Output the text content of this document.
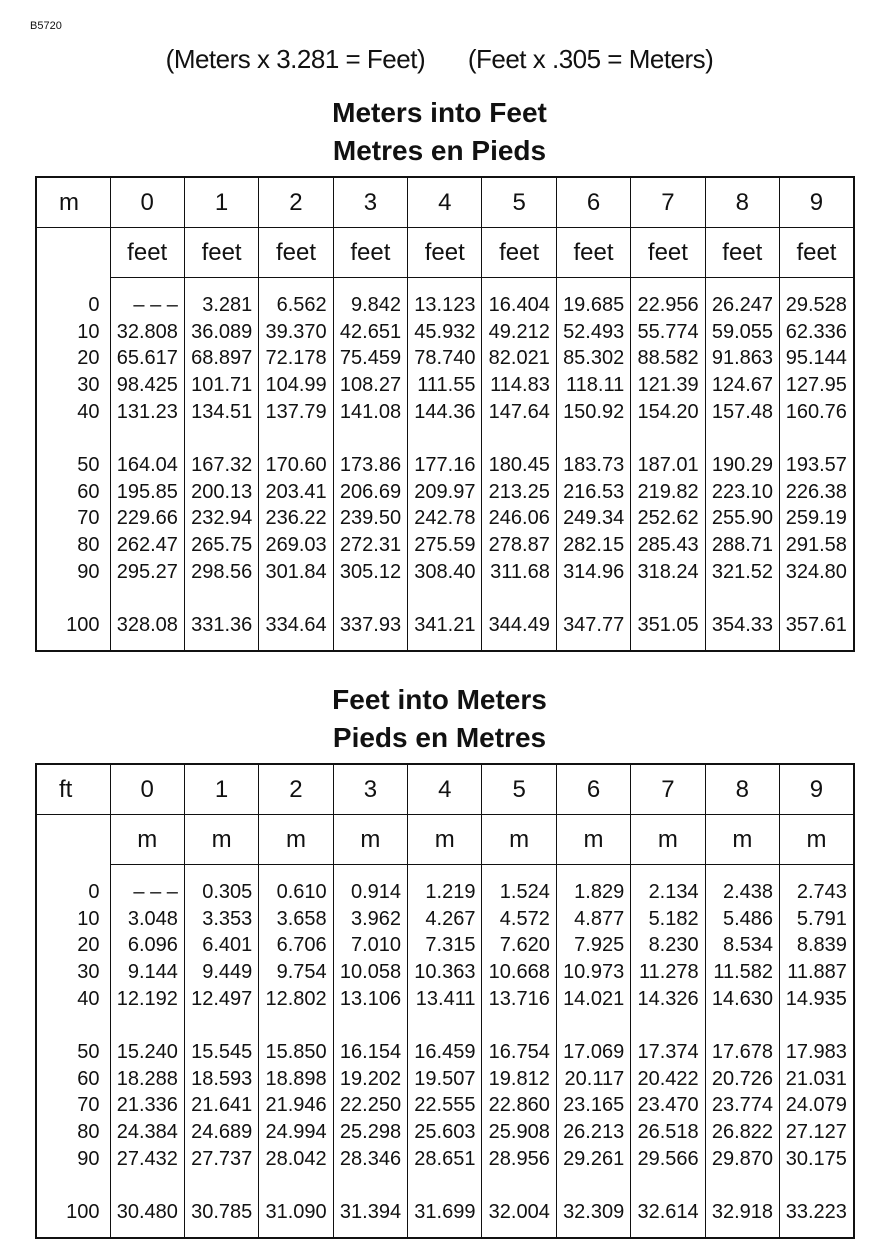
B5720
(Meters x 3.281 = Feet) (Feet x .305 = Meters)
Meters into Feet
Metres en Pieds
m	0	1	2	3	4	5	6	7	8	9
	feet	feet	feet	feet	feet	feet	feet	feet	feet	feet

0	– – –	3.281	6.562	9.842	13.123	16.404	19.685	22.956	26.247	29.528
10	32.808	36.089	39.370	42.651	45.932	49.212	52.493	55.774	59.055	62.336
20	65.617	68.897	72.178	75.459	78.740	82.021	85.302	88.582	91.863	95.144
30	98.425	101.71	104.99	108.27	111.55	114.83	118.11	121.39	124.67	127.95
40	131.23	134.51	137.79	141.08	144.36	147.64	150.92	154.20	157.48	160.76

50	164.04	167.32	170.60	173.86	177.16	180.45	183.73	187.01	190.29	193.57
60	195.85	200.13	203.41	206.69	209.97	213.25	216.53	219.82	223.10	226.38
70	229.66	232.94	236.22	239.50	242.78	246.06	249.34	252.62	255.90	259.19
80	262.47	265.75	269.03	272.31	275.59	278.87	282.15	285.43	288.71	291.58
90	295.27	298.56	301.84	305.12	308.40	311.68	314.96	318.24	321.52	324.80

100	328.08	331.36	334.64	337.93	341.21	344.49	347.77	351.05	354.33	357.61

Feet into Meters
Pieds en Metres
ft	0	1	2	3	4	5	6	7	8	9
	m	m	m	m	m	m	m	m	m	m

0	– – –	0.305	0.610	0.914	1.219	1.524	1.829	2.134	2.438	2.743
10	3.048	3.353	3.658	3.962	4.267	4.572	4.877	5.182	5.486	5.791
20	6.096	6.401	6.706	7.010	7.315	7.620	7.925	8.230	8.534	8.839
30	9.144	9.449	9.754	10.058	10.363	10.668	10.973	11.278	11.582	11.887
40	12.192	12.497	12.802	13.106	13.411	13.716	14.021	14.326	14.630	14.935

50	15.240	15.545	15.850	16.154	16.459	16.754	17.069	17.374	17.678	17.983
60	18.288	18.593	18.898	19.202	19.507	19.812	20.117	20.422	20.726	21.031
70	21.336	21.641	21.946	22.250	22.555	22.860	23.165	23.470	23.774	24.079
80	24.384	24.689	24.994	25.298	25.603	25.908	26.213	26.518	26.822	27.127
90	27.432	27.737	28.042	28.346	28.651	28.956	29.261	29.566	29.870	30.175

100	30.480	30.785	31.090	31.394	31.699	32.004	32.309	32.614	32.918	33.223
